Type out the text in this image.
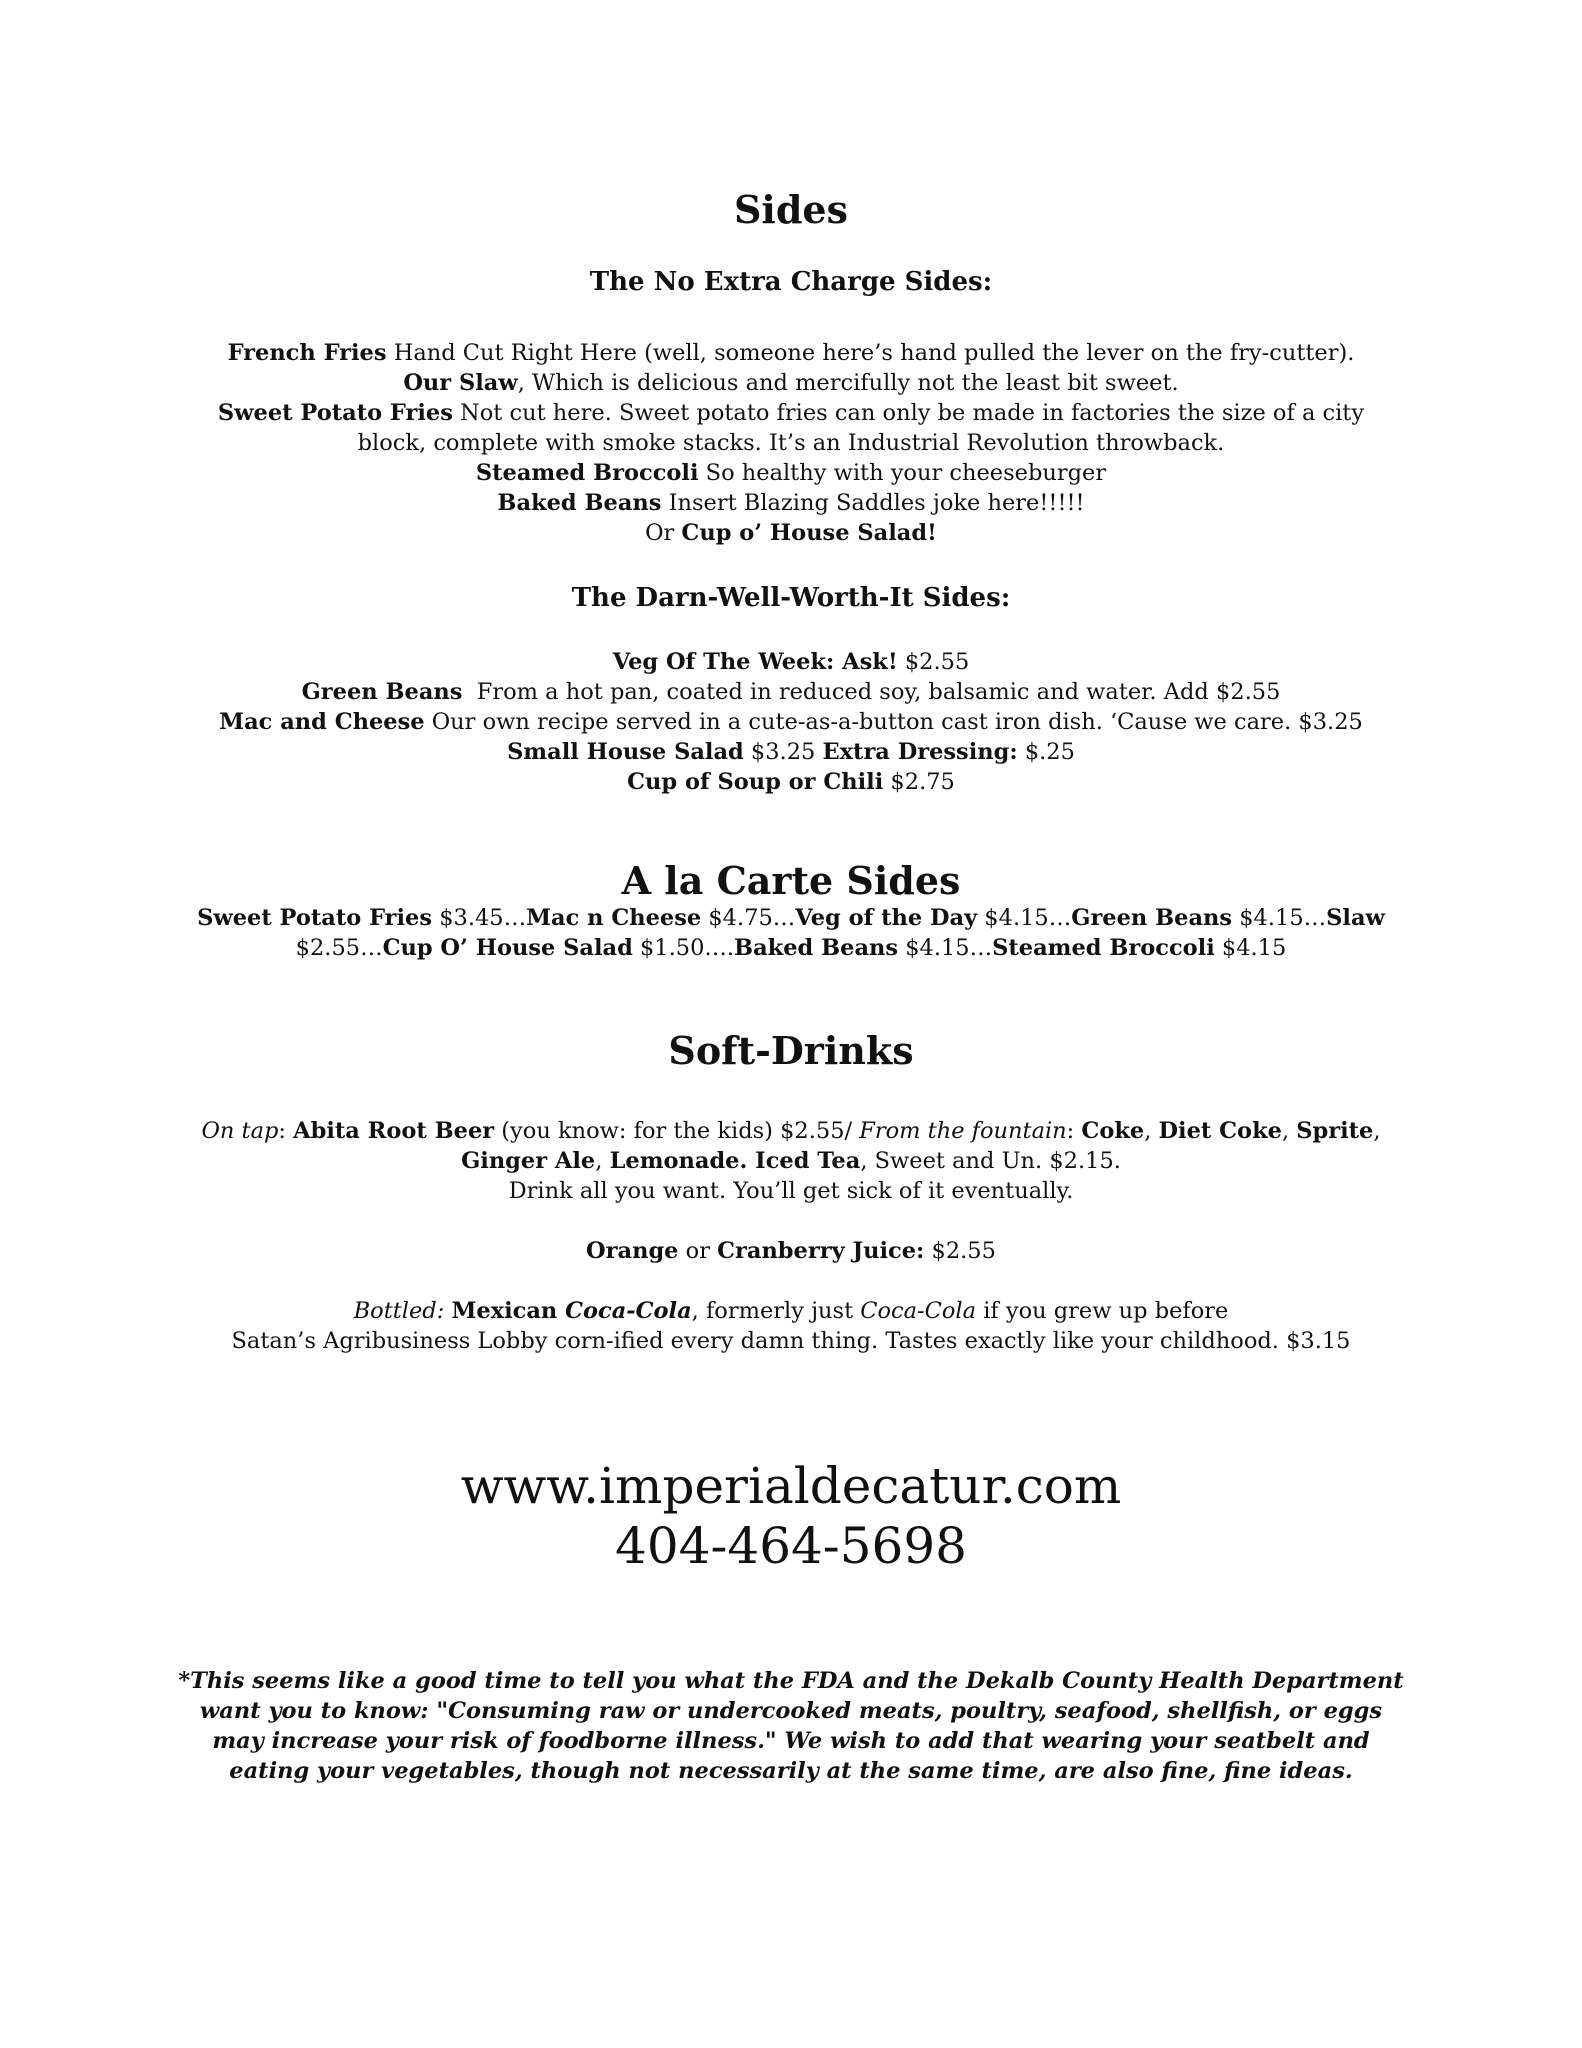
Sides
The No Extra Charge Sides:
French Fries Hand Cut Right Here (well, someone here’s hand pulled the lever on the fry-cutter).
Our Slaw, Which is delicious and mercifully not the least bit sweet.
Sweet Potato Fries Not cut here. Sweet potato fries can only be made in factories the size of a city
block, complete with smoke stacks. It’s an Industrial Revolution throwback.
Steamed Broccoli So healthy with your cheeseburger
Baked Beans Insert Blazing Saddles joke here!!!!!
Or Cup o’ House Salad!
The Darn-Well-Worth-It Sides:
Veg Of The Week: Ask! $2.55
Green Beans  From a hot pan, coated in reduced soy, balsamic and water. Add $2.55
Mac and Cheese Our own recipe served in a cute-as-a-button cast iron dish. ‘Cause we care. $3.25
Small House Salad $3.25 Extra Dressing: $.25
Cup of Soup or Chili $2.75
A la Carte Sides
Sweet Potato Fries $3.45…Mac n Cheese $4.75…Veg of the Day $4.15…Green Beans $4.15…Slaw
$2.55…Cup O’ House Salad $1.50….Baked Beans $4.15…Steamed Broccoli $4.15
Soft-Drinks
On tap: Abita Root Beer (you know: for the kids) $2.55/ From the fountain: Coke, Diet Coke, Sprite,
Ginger Ale, Lemonade. Iced Tea, Sweet and Un. $2.15.
Drink all you want. You’ll get sick of it eventually.
Orange or Cranberry Juice: $2.55
Bottled: Mexican Coca-Cola, formerly just Coca-Cola if you grew up before
Satan’s Agribusiness Lobby corn-ified every damn thing. Tastes exactly like your childhood. $3.15
www.imperialdecatur.com
404-464-5698
*This seems like a good time to tell you what the FDA and the Dekalb County Health Department
want you to know: "Consuming raw or undercooked meats, poultry, seafood, shellfish, or eggs
may increase your risk of foodborne illness." We wish to add that wearing your seatbelt and
eating your vegetables, though not necessarily at the same time, are also fine, fine ideas.
